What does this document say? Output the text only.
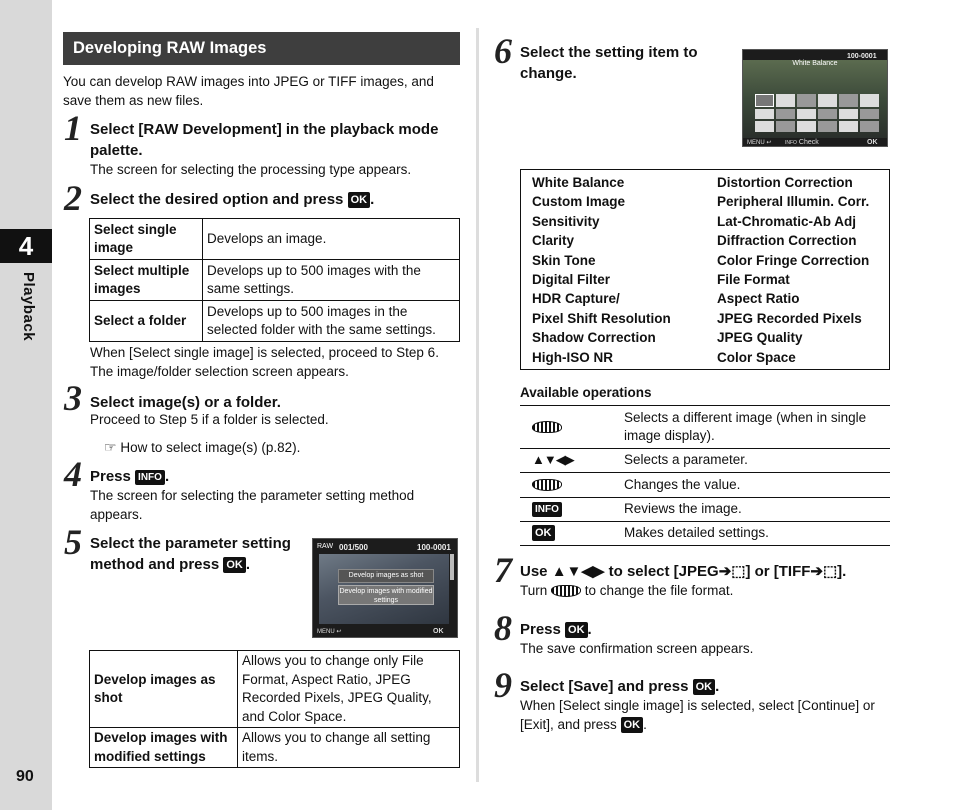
4
Playback
90
Developing RAW Images
You can develop RAW images into JPEG or TIFF images, and save them as new files.
1 Select [RAW Development] in the playback mode palette.
The screen for selecting the processing type appears.
2 Select the desired option and press OK .
Select single image	Develops an image.
Select multiple images	Develops up to 500 images with the same settings.
Select a folder	Develops up to 500 images in the selected folder with the same settings.
When [Select single image] is selected, proceed to Step 6.
The image/folder selection screen appears.
3 Select image(s) or a folder.
Proceed to Step 5 if a folder is selected.
☞ How to select image(s) (p.82).
4 Press INFO .
The screen for selecting the parameter setting method appears.
5 Select the parameter setting method and press OK .
RAW 001/500	100-0001
Develop images as shot
Develop images with modified settings
MENU ↩	OK
Develop images as shot	Allows you to change only File Format, Aspect Ratio, JPEG Recorded Pixels, JPEG Quality, and Color Space.
Develop images with modified settings	Allows you to change all setting items.
6 Select the setting item to change.
100-0001
White Balance
MENU ↩	INFO Check	OK
White Balance	Distortion Correction
Custom Image	Peripheral Illumin. Corr.
Sensitivity	Lat-Chromatic-Ab Adj
Clarity	Diffraction Correction
Skin Tone	Color Fringe Correction
Digital Filter	File Format
HDR Capture/	Aspect Ratio
Pixel Shift Resolution	JPEG Recorded Pixels
Shadow Correction	JPEG Quality
High-ISO NR	Color Space
Available operations
	Selects a different image (when in single image display).
▲▼◀▶	Selects a parameter.
	Changes the value.
INFO	Reviews the image.
OK	Makes detailed settings.
7 Use ▲▼◀▶ to select [JPEG➔⬚] or [TIFF➔⬚].
Turn	to change the file format.
8 Press OK .
The save confirmation screen appears.
9 Select [Save] and press OK .
When [Select single image] is selected, select [Continue] or [Exit], and press OK .
